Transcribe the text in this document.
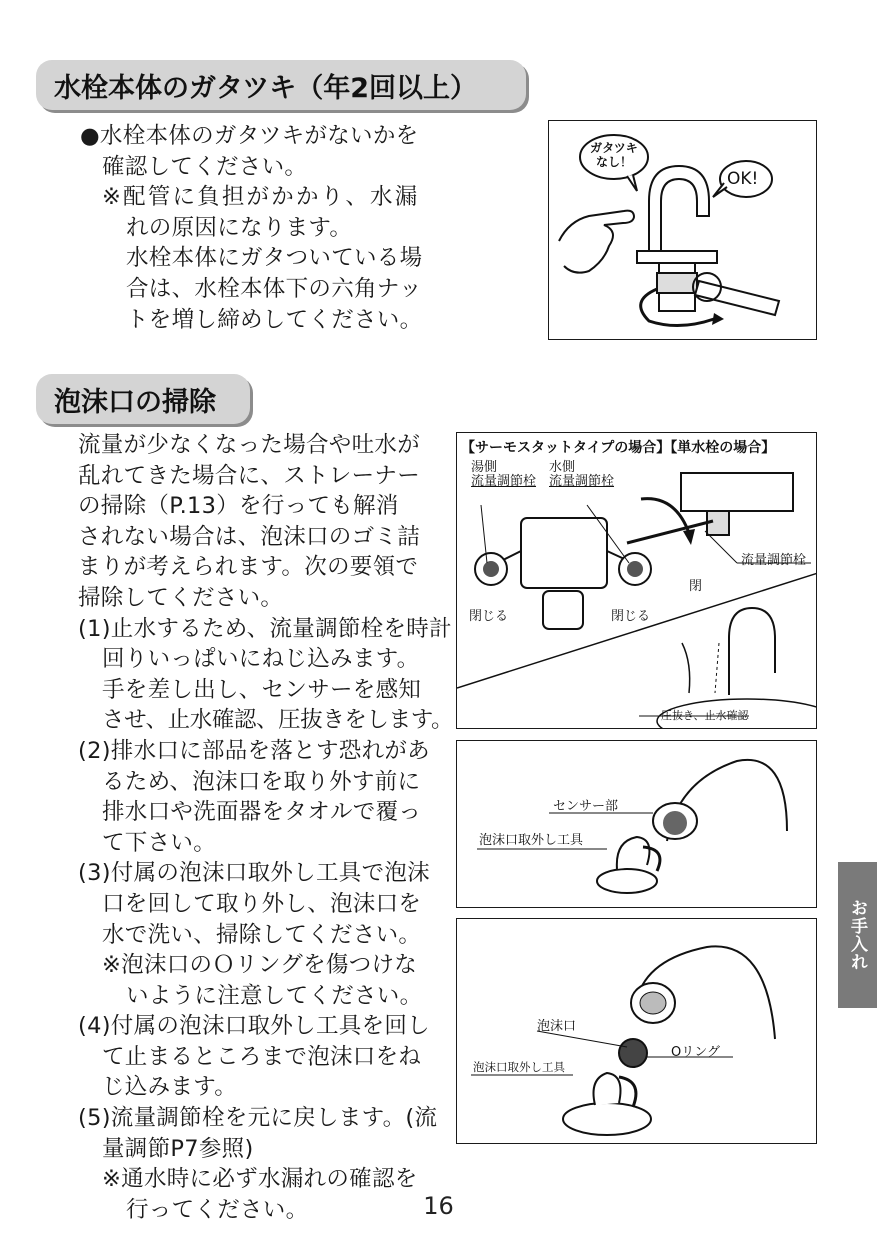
水栓本体のガタツキ（年2回以上）
●水栓本体のガタツキがないかを
確認してください。
※配管に負担がかかり、水漏
れの原因になります。
水栓本体にガタついている場
合は、水栓本体下の六角ナッ
トを増し締めしてください。
ガタツキ
なし！
OK!
泡沫口の掃除
流量が少なくなった場合や吐水が
乱れてきた場合に、ストレーナー
の掃除（P.13）を行っても解消
されない場合は、泡沫口のゴミ詰
まりが考えられます。次の要領で
掃除してください。
(1)止水するため、流量調節栓を時計
回りいっぱいにねじ込みます。
手を差し出し、センサーを感知
させ、止水確認、圧抜きをします。
(2)排水口に部品を落とす恐れがあ
るため、泡沫口を取り外す前に
排水口や洗面器をタオルで覆っ
て下さい。
(3)付属の泡沫口取外し工具で泡沫
口を回して取り外し、泡沫口を
水で洗い、掃除してください。
※泡沫口のＯリングを傷つけな
いように注意してください。
(4)付属の泡沫口取外し工具を回し
て止まるところまで泡沫口をね
じ込みます。
(5)流量調節栓を元に戻します。(流
量調節P7参照)
※通水時に必ず水漏れの確認を
行ってください。
【サーモスタットタイプの場合】【単水栓の場合】
湯側
流量調節栓
水側
流量調節栓
流量調節栓
閉じる	閉じる
閉
圧抜き、止水確認
センサー部
泡沫口取外し工具
泡沫口
Oリング
泡沫口取外し工具
お手入れ
16
